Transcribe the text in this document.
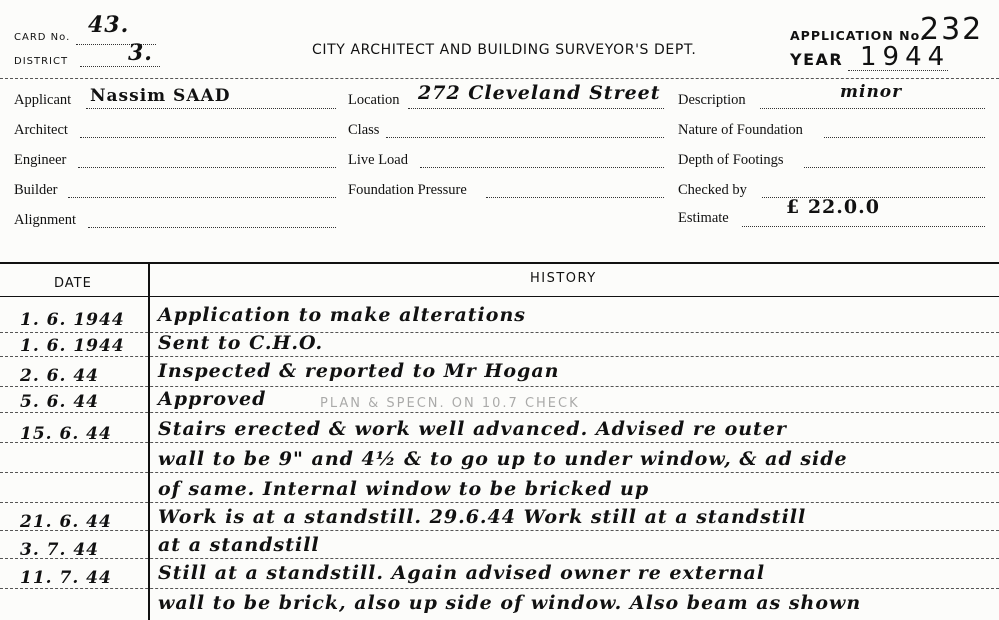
CARD No. 43.
DISTRICT	3.	CITY ARCHITECT AND BUILDING SURVEYOR'S DEPT.
APPLICATION No.
232
YEAR 1944
Applicant Nassim SAAD
Architect
Engineer
Builder
Alignment
Location 272 Cleveland Street
Class
Live Load
Foundation Pressure
Description	minor
Nature of Foundation
Depth of Footings
Checked by
Estimate	£ 22.0.0
DATE	HISTORY
1. 6. 1944 Application to make alterations
1. 6. 1944 Sent to C.H.O.
2. 6. 44	Inspected & reported to Mr Hogan
5. 6. 44	Approved	PLAN & SPECN. ON 10.7 CHECK
15. 6. 44 Stairs erected & work well advanced. Advised re outer
wall to be 9" and 4½ & to go up to under window, & ad side
of same. Internal window to be bricked up
21. 6. 44 Work is at a standstill. 29.6.44 Work still at a standstill
3. 7. 44	at a standstill
11. 7. 44 Still at a standstill. Again advised owner re external
wall to be brick, also up side of window. Also beam as shown
